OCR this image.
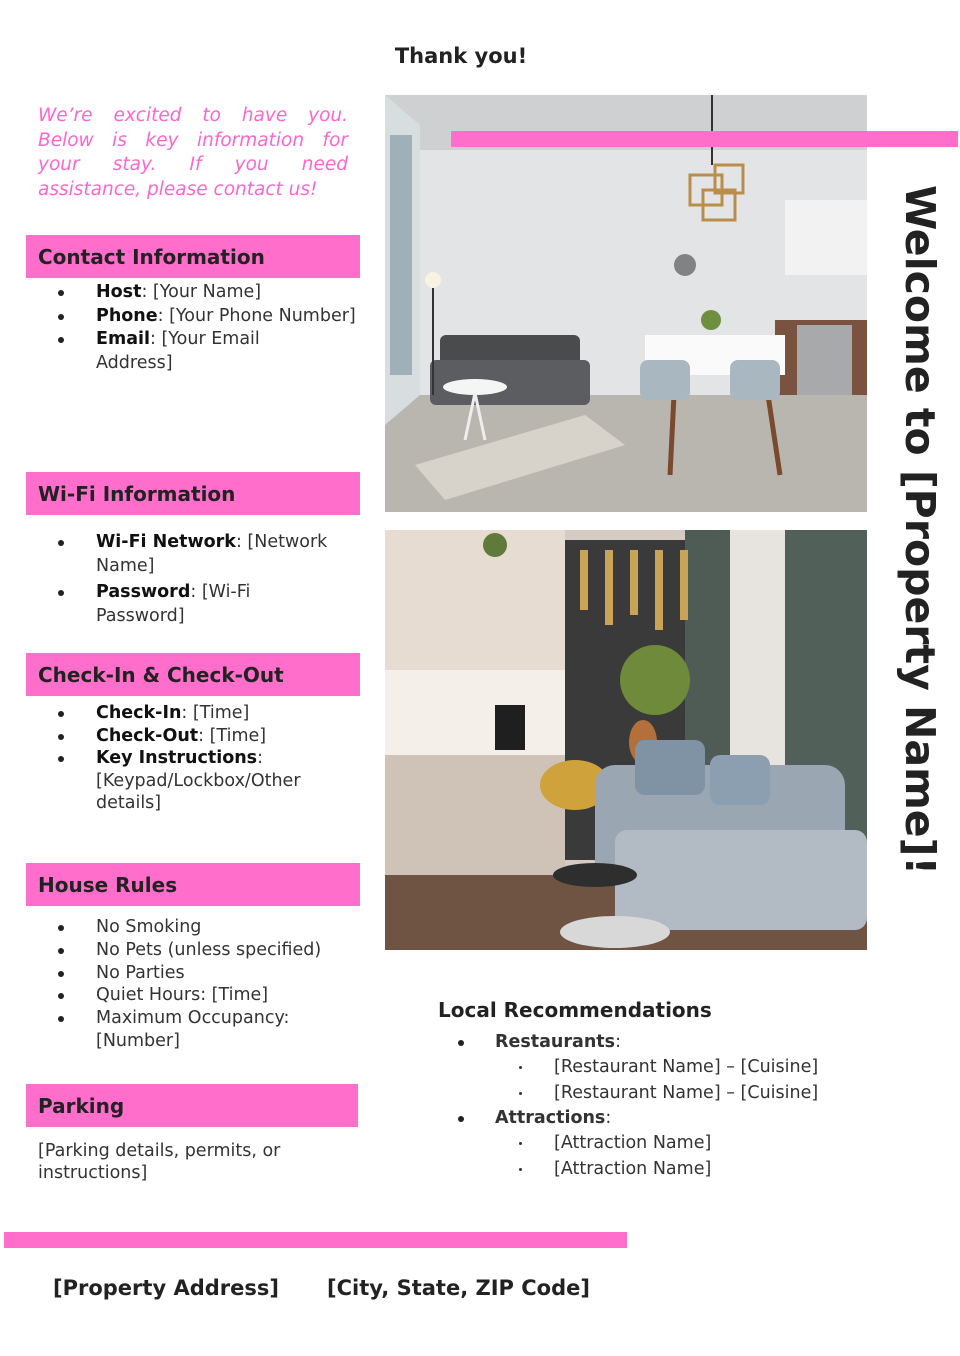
Thank you!
We’re excited to have you.
Below is key information for
your stay. If you need
assistance, please contact us!
Contact Information
Host: [Your Name]
Phone: [Your Phone Number]
Email: [Your Email Address]
Wi-Fi Information
Wi-Fi Network: [Network Name]
Password: [Wi-Fi Password]
Check-In & Check-Out
Check-In: [Time]
Check-Out: [Time]
Key Instructions: [Keypad/Lockbox/Other details]
House Rules
No Smoking
No Pets (unless specified)
No Parties
Quiet Hours: [Time]
Maximum Occupancy: [Number]
Parking
[Parking details, permits, or instructions]
Welcome to [Property Name]!
Local Recommendations
Restaurants:
[Restaurant Name] – [Cuisine]
[Restaurant Name] – [Cuisine]
Attractions:
[Attraction Name]
[Attraction Name]
[Property Address] [City, State, ZIP Code]
